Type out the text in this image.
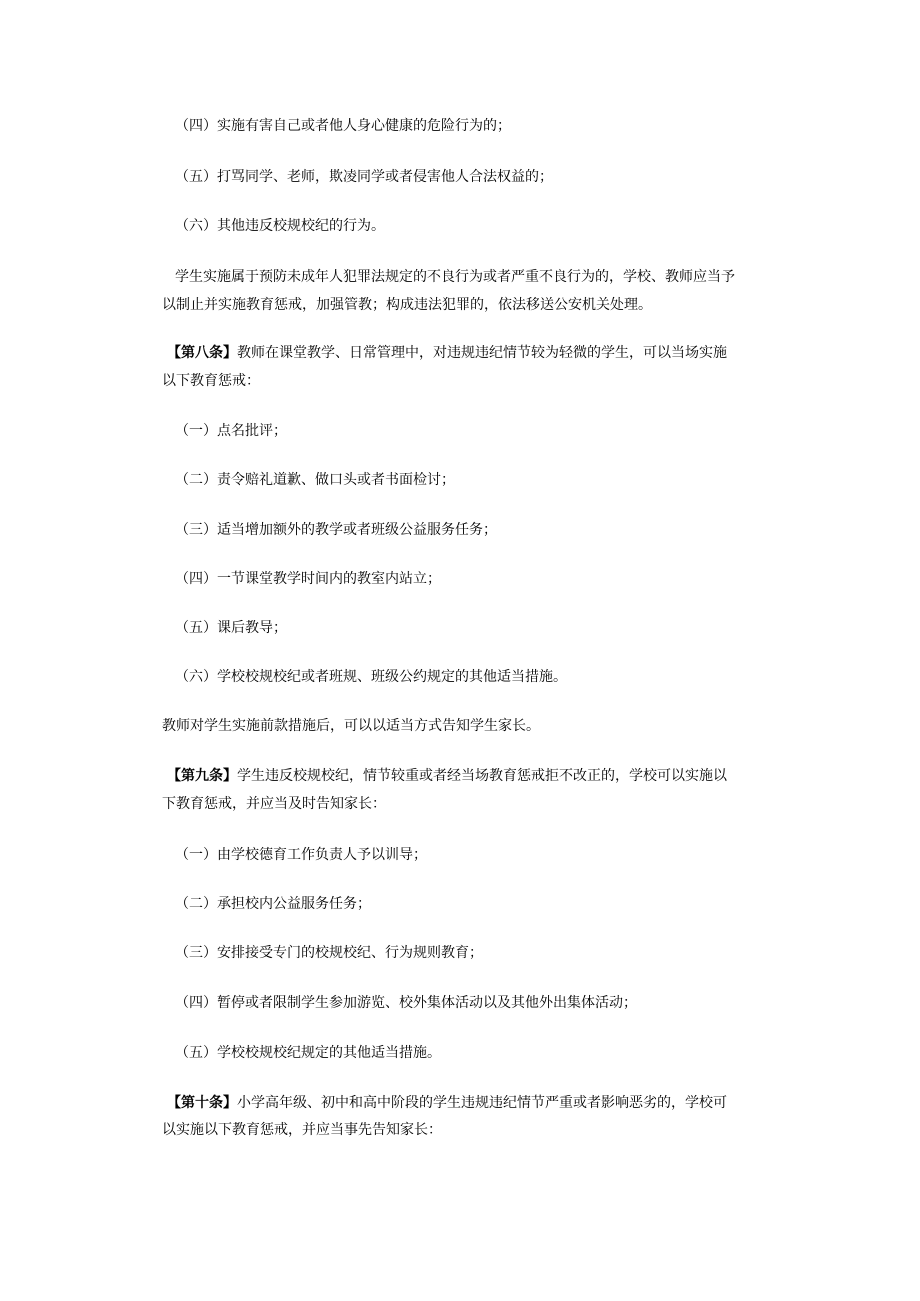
（四）实施有害自己或者他人身心健康的危险行为的；

（五）打骂同学、老师，欺凌同学或者侵害他人合法权益的；

（六）其他违反校规校纪的行为。

学生实施属于预防未成年人犯罪法规定的不良行为或者严重不良行为的，学校、教师应当予

以制止并实施教育惩戒，加强管教；构成违法犯罪的，依法移送公安机关处理。

【第八条】教师在课堂教学、日常管理中，对违规违纪情节较为轻微的学生，可以当场实施

以下教育惩戒：

（一）点名批评；

（二）责令赔礼道歉、做口头或者书面检讨；

（三）适当增加额外的教学或者班级公益服务任务；

（四）一节课堂教学时间内的教室内站立；

（五）课后教导；

（六）学校校规校纪或者班规、班级公约规定的其他适当措施。

教师对学生实施前款措施后，可以以适当方式告知学生家长。

【第九条】学生违反校规校纪，情节较重或者经当场教育惩戒拒不改正的，学校可以实施以

下教育惩戒，并应当及时告知家长：

（一）由学校德育工作负责人予以训导；

（二）承担校内公益服务任务；

（三）安排接受专门的校规校纪、行为规则教育；

（四）暂停或者限制学生参加游览、校外集体活动以及其他外出集体活动；

（五）学校校规校纪规定的其他适当措施。

【第十条】小学高年级、初中和高中阶段的学生违规违纪情节严重或者影响恶劣的，学校可

以实施以下教育惩戒，并应当事先告知家长：
